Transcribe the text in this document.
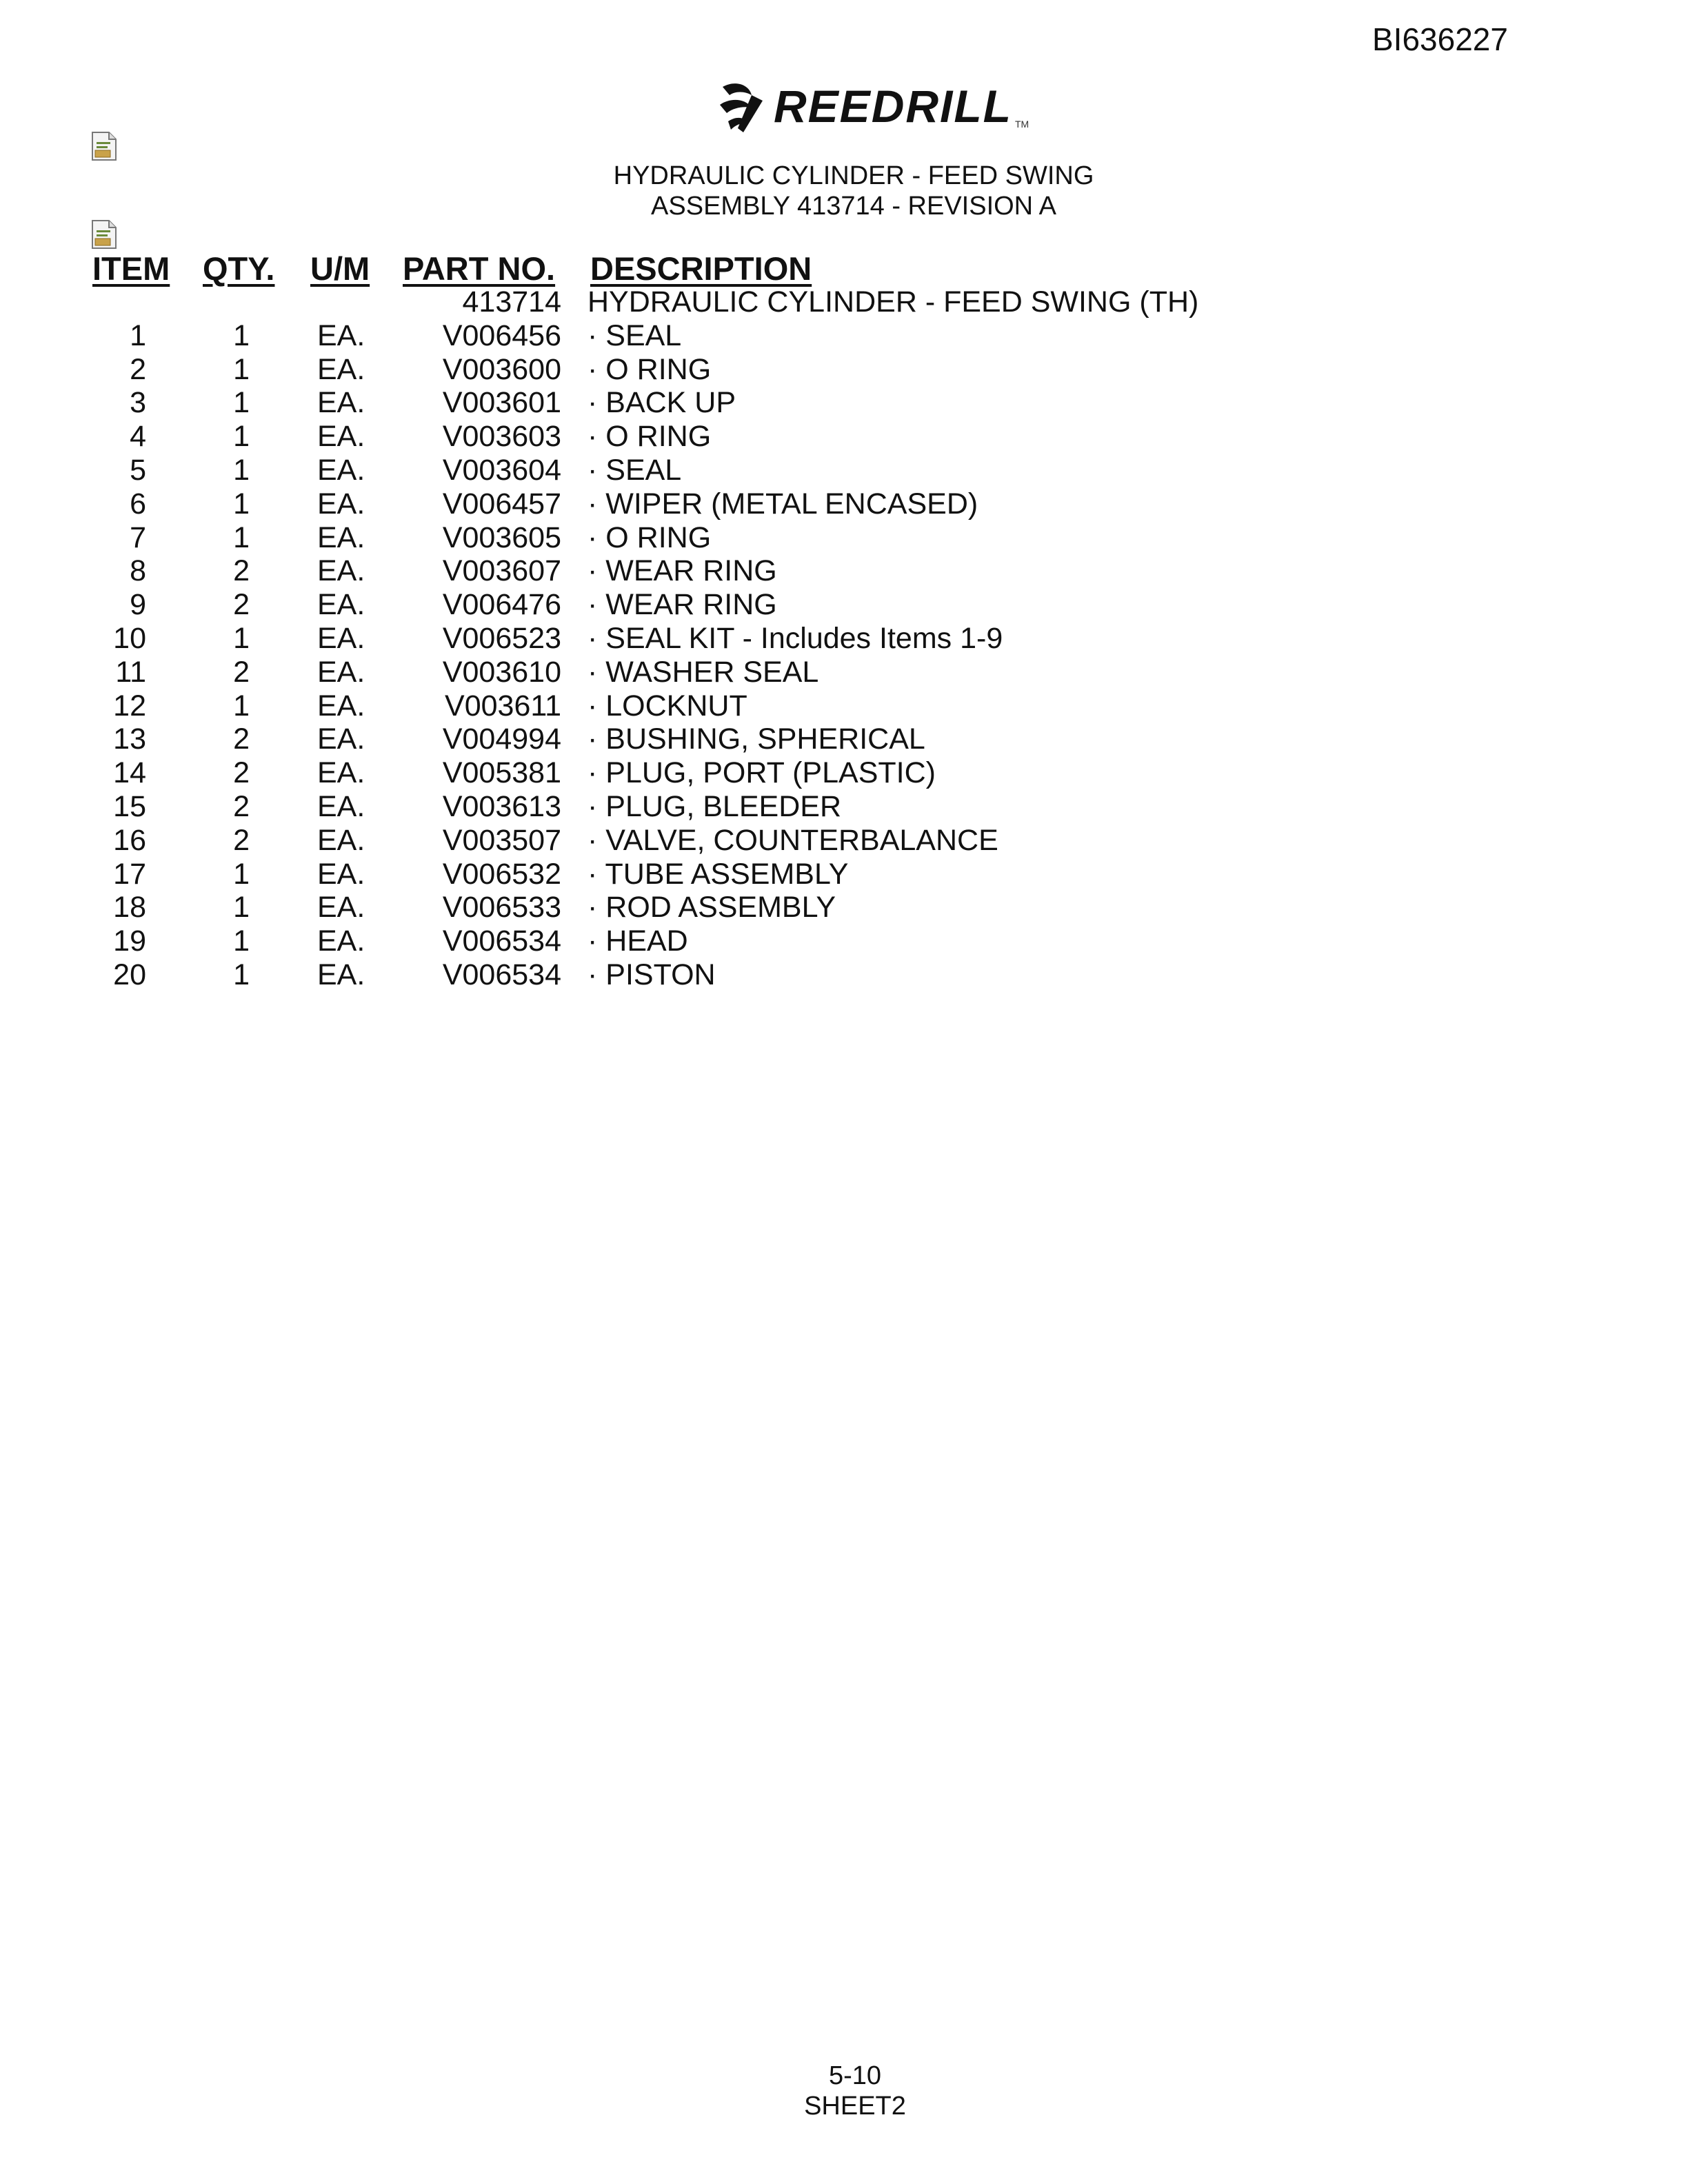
BI636227
REEDRILL TM
HYDRAULIC CYLINDER - FEED SWING
ASSEMBLY 413714 - REVISION A
ITEM QTY. U/M PART NO. DESCRIPTION
413714 HYDRAULIC CYLINDER - FEED SWING (TH)
1	1 EA.	V006456 · SEAL
2	1 EA.	V003600 · O RING
3	1 EA.	V003601 · BACK UP
4	1 EA.	V003603 · O RING
5	1 EA.	V003604 · SEAL
6	1 EA.	V006457 · WIPER (METAL ENCASED)
7	1 EA.	V003605 · O RING
8	2 EA.	V003607 · WEAR RING
9	2 EA.	V006476 · WEAR RING
10	1 EA.	V006523 · SEAL KIT - Includes Items 1-9
11	2 EA.	V003610 · WASHER SEAL
12	1 EA.	V003611 · LOCKNUT
13	2 EA.	V004994 · BUSHING, SPHERICAL
14	2 EA.	V005381 · PLUG, PORT (PLASTIC)
15	2 EA.	V003613 · PLUG, BLEEDER
16	2 EA.	V003507 · VALVE, COUNTERBALANCE
17	1 EA.	V006532 · TUBE ASSEMBLY
18	1 EA.	V006533 · ROD ASSEMBLY
19	1 EA.	V006534 · HEAD
20	1 EA.	V006534 · PISTON
5-10
SHEET2
